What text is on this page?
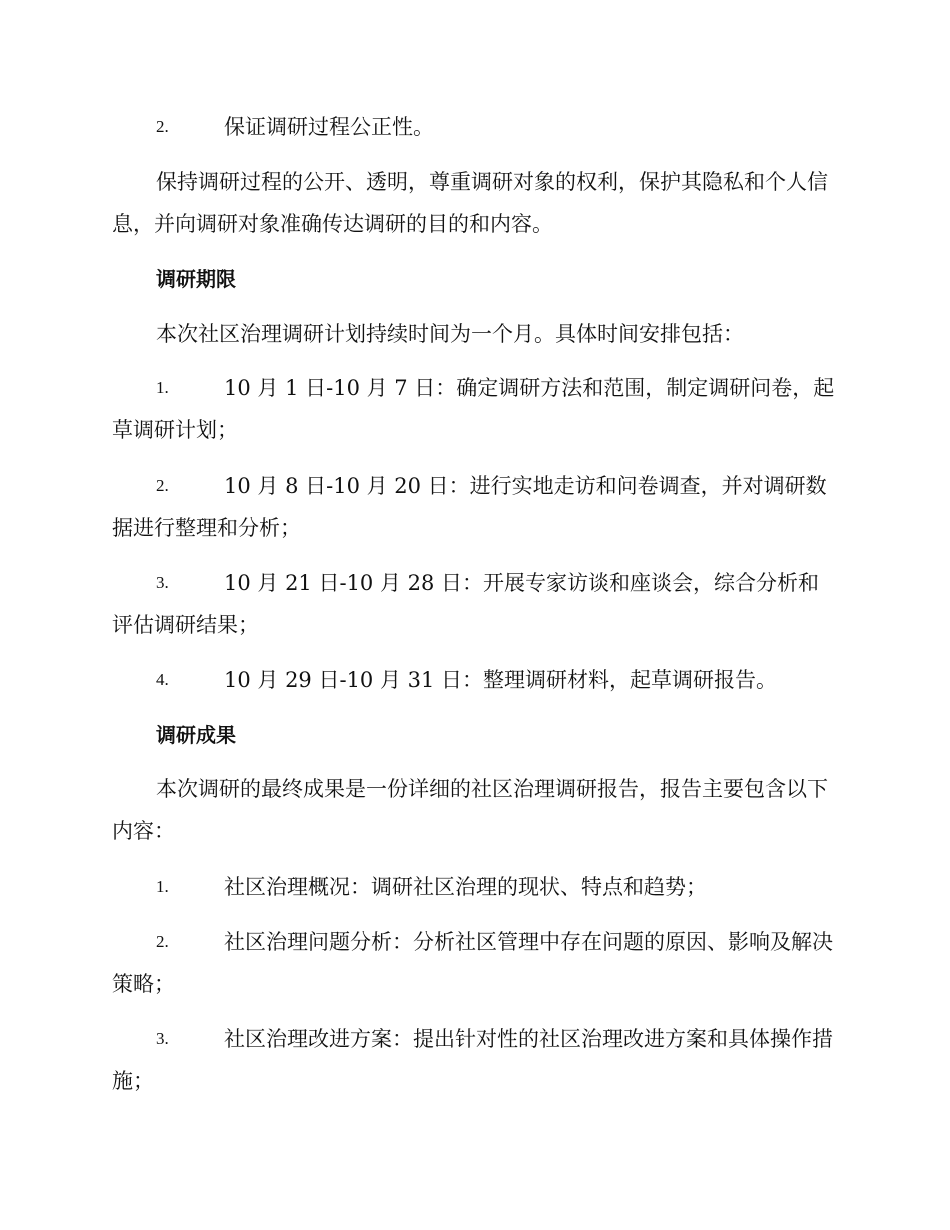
2.	保证调研过程公正性。

保持调研过程的公开、透明，尊重调研对象的权利，保护其隐私和个人信息，并向调研对象准确传达调研的目的和内容。

调研期限

本次社区治理调研计划持续时间为一个月。具体时间安排包括：

1.	10 月 1 日-10 月 7 日：确定调研方法和范围，制定调研问卷，起草调研计划；
2.	10 月 8 日-10 月 20 日：进行实地走访和问卷调查，并对调研数据进行整理和分析；
3.	10 月 21 日-10 月 28 日：开展专家访谈和座谈会，综合分析和评估调研结果；
4.	10 月 29 日-10 月 31 日：整理调研材料，起草调研报告。

调研成果

本次调研的最终成果是一份详细的社区治理调研报告，报告主要包含以下内容：

1.	社区治理概况：调研社区治理的现状、特点和趋势；
2.	社区治理问题分析：分析社区管理中存在问题的原因、影响及解决策略；
3.	社区治理改进方案：提出针对性的社区治理改进方案和具体操作措施；
